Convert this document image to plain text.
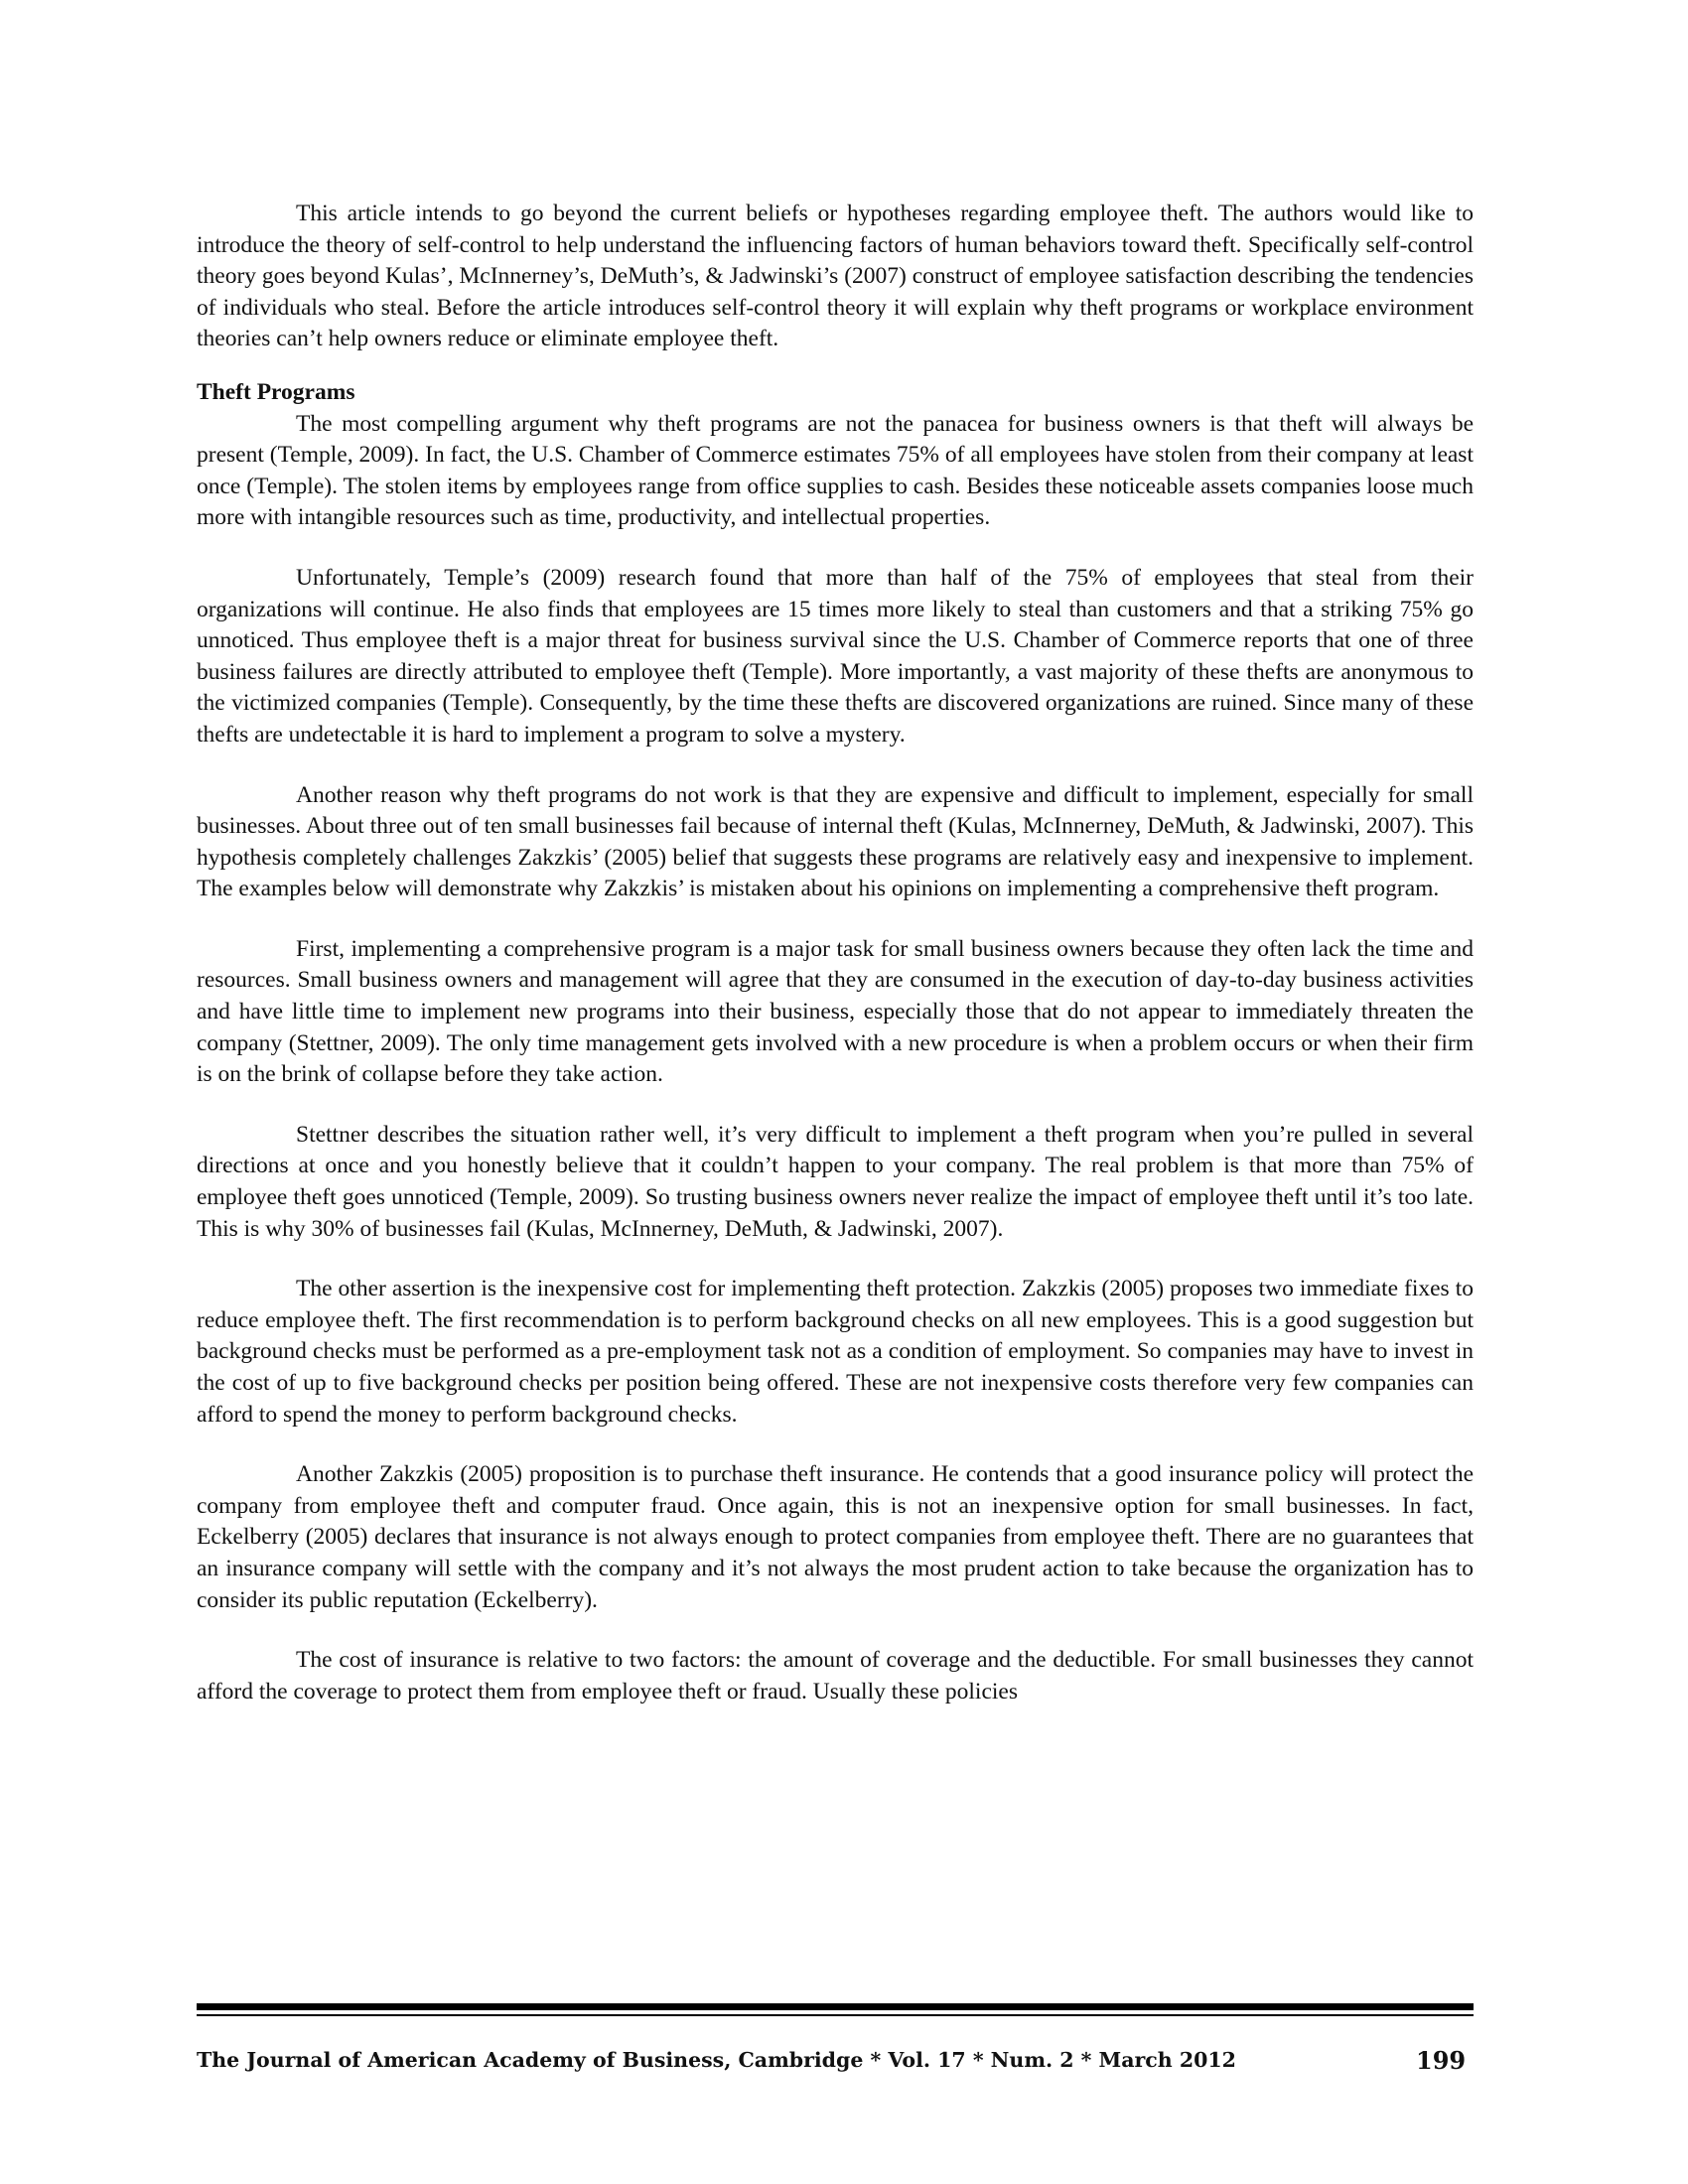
This article intends to go beyond the current beliefs or hypotheses regarding employee theft. The authors would like to introduce the theory of self-control to help understand the influencing factors of human behaviors toward theft. Specifically self-control theory goes beyond Kulas’, McInnerney’s, DeMuth’s, & Jadwinski’s (2007) construct of employee satisfaction describing the tendencies of individuals who steal. Before the article introduces self-control theory it will explain why theft programs or workplace environment theories can’t help owners reduce or eliminate employee theft.

Theft Programs

The most compelling argument why theft programs are not the panacea for business owners is that theft will always be present (Temple, 2009). In fact, the U.S. Chamber of Commerce estimates 75% of all employees have stolen from their company at least once (Temple). The stolen items by employees range from office supplies to cash. Besides these noticeable assets companies loose much more with intangible resources such as time, productivity, and intellectual properties.

Unfortunately, Temple’s (2009) research found that more than half of the 75% of employees that steal from their organizations will continue. He also finds that employees are 15 times more likely to steal than customers and that a striking 75% go unnoticed. Thus employee theft is a major threat for business survival since the U.S. Chamber of Commerce reports that one of three business failures are directly attributed to employee theft (Temple). More importantly, a vast majority of these thefts are anonymous to the victimized companies (Temple). Consequently, by the time these thefts are discovered organizations are ruined. Since many of these thefts are undetectable it is hard to implement a program to solve a mystery.

Another reason why theft programs do not work is that they are expensive and difficult to implement, especially for small businesses. About three out of ten small businesses fail because of internal theft (Kulas, McInnerney, DeMuth, & Jadwinski, 2007). This hypothesis completely challenges Zakzkis’ (2005) belief that suggests these programs are relatively easy and inexpensive to implement. The examples below will demonstrate why Zakzkis’ is mistaken about his opinions on implementing a comprehensive theft program.

First, implementing a comprehensive program is a major task for small business owners because they often lack the time and resources. Small business owners and management will agree that they are consumed in the execution of day-to-day business activities and have little time to implement new programs into their business, especially those that do not appear to immediately threaten the company (Stettner, 2009). The only time management gets involved with a new procedure is when a problem occurs or when their firm is on the brink of collapse before they take action.

Stettner describes the situation rather well, it’s very difficult to implement a theft program when you’re pulled in several directions at once and you honestly believe that it couldn’t happen to your company. The real problem is that more than 75% of employee theft goes unnoticed (Temple, 2009). So trusting business owners never realize the impact of employee theft until it’s too late. This is why 30% of businesses fail (Kulas, McInnerney, DeMuth, & Jadwinski, 2007).

The other assertion is the inexpensive cost for implementing theft protection. Zakzkis (2005) proposes two immediate fixes to reduce employee theft. The first recommendation is to perform background checks on all new employees. This is a good suggestion but background checks must be performed as a pre-employment task not as a condition of employment. So companies may have to invest in the cost of up to five background checks per position being offered. These are not inexpensive costs therefore very few companies can afford to spend the money to perform background checks.

Another Zakzkis (2005) proposition is to purchase theft insurance. He contends that a good insurance policy will protect the company from employee theft and computer fraud. Once again, this is not an inexpensive option for small businesses. In fact, Eckelberry (2005) declares that insurance is not always enough to protect companies from employee theft. There are no guarantees that an insurance company will settle with the company and it’s not always the most prudent action to take because the organization has to consider its public reputation (Eckelberry).

The cost of insurance is relative to two factors: the amount of coverage and the deductible. For small businesses they cannot afford the coverage to protect them from employee theft or fraud. Usually these policies

The Journal of American Academy of Business, Cambridge * Vol. 17 * Num. 2 * March 2012	199
